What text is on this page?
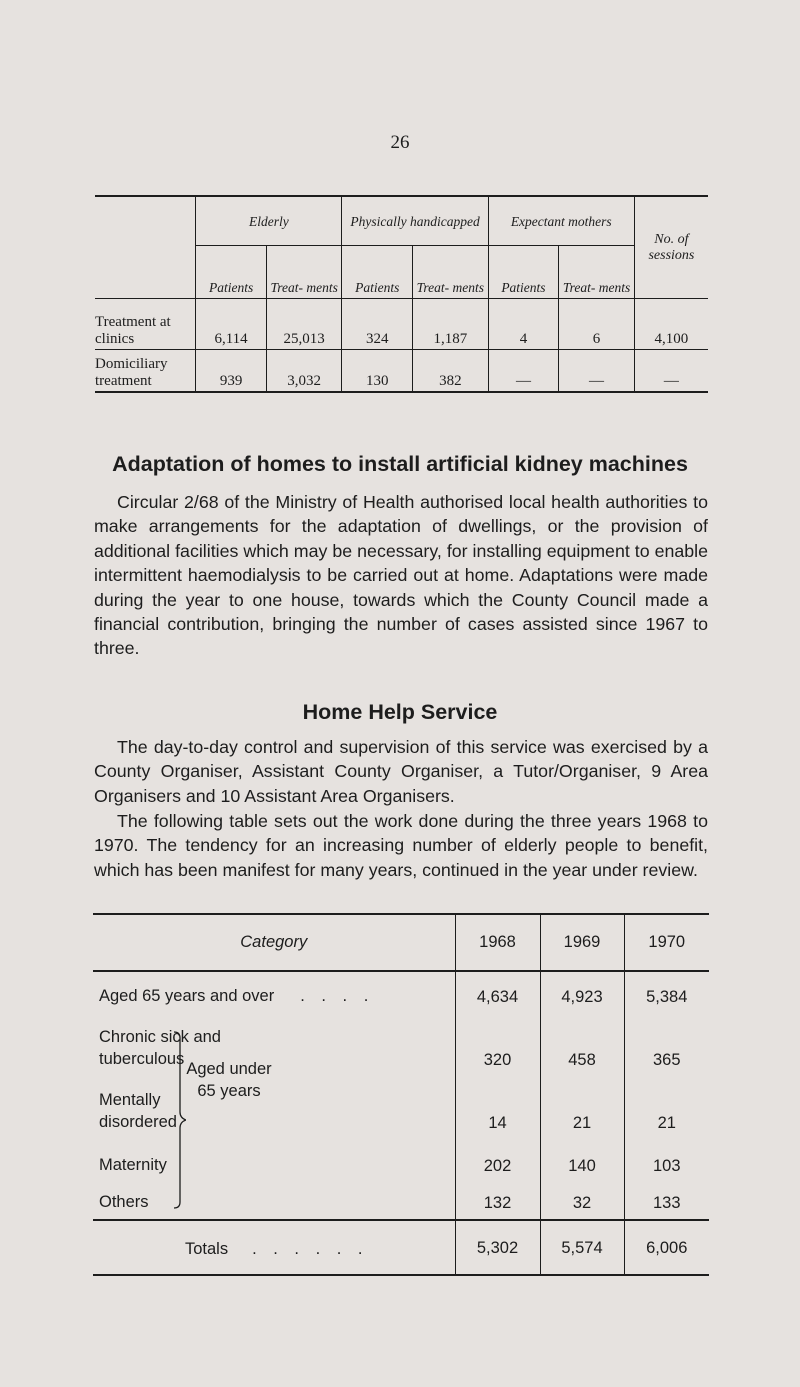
26
	Elderly		Physically handicapped		Expectant mothers		No. of sessions
	Patients	Treat- ments	Patients	Treat- ments	Patients	Treat- ments	
Treatment at clinics	6,114	25,013	324	1,187	4	6	4,100
Domiciliary treatment	939	3,032	130	382	—	—	—
Adaptation of homes to install artificial kidney machines

Circular 2/68 of the Ministry of Health authorised local health authorities to make arrangements for the adaptation of dwellings, or the provision of additional facilities which may be necessary, for installing equipment to enable intermittent haemodialysis to be carried out at home. Adaptations were made during the year to one house, towards which the County Council made a financial contribution, bringing the number of cases assisted since 1967 to three.

Home Help Service

The day-to-day control and supervision of this service was exercised by a County Organiser, Assistant County Organiser, a Tutor/Organiser, 9 Area Organisers and 10 Assistant Area Organisers.

The following table sets out the work done during the three years 1968 to 1970. The tendency for an increasing number of elderly people to benefit, which has been manifest for many years, continued in the year under review.

Category	1968	1969	1970
Aged 65 years and over . . . .	4,634	4,923	5,384

Chronic sick and tuberculous	320	458	365

Mentally disordered	14	21	21
Maternity	202	140	103
Others	132	32	133
Totals . . . . . .	5,302	5,574	6,006
Aged under 65 years
